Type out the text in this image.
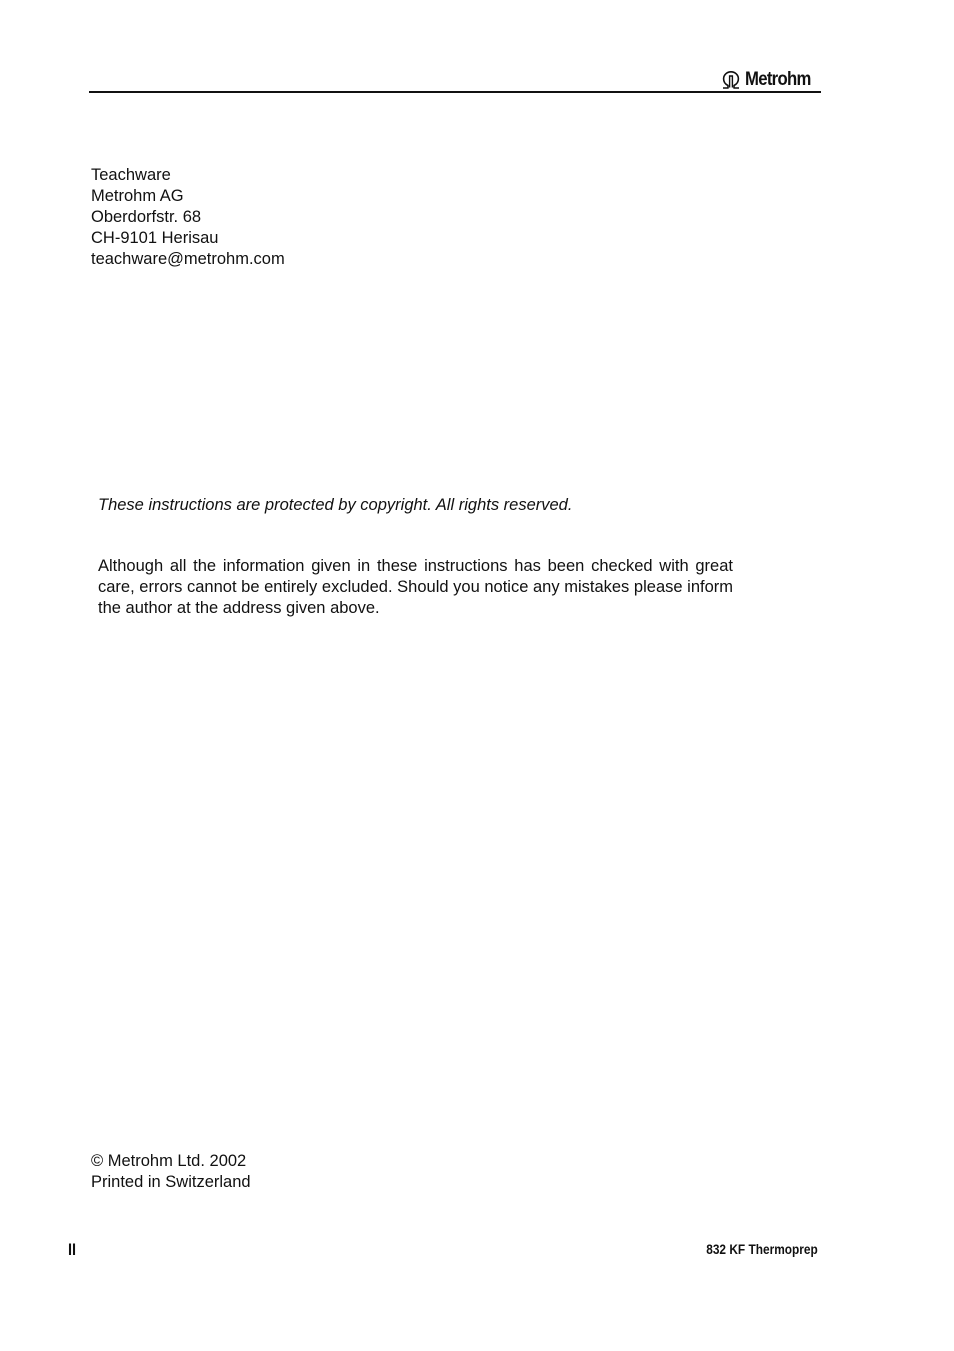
Metrohm
Teachware
Metrohm AG
Oberdorfstr. 68
CH-9101 Herisau
teachware@metrohm.com
These instructions are protected by copyright. All rights reserved.
Although all the information given in these instructions has been checked with great care, errors cannot be entirely excluded. Should you notice any mistakes please inform the author at the address given above.
© Metrohm Ltd. 2002
Printed in Switzerland
II	832 KF Thermoprep
